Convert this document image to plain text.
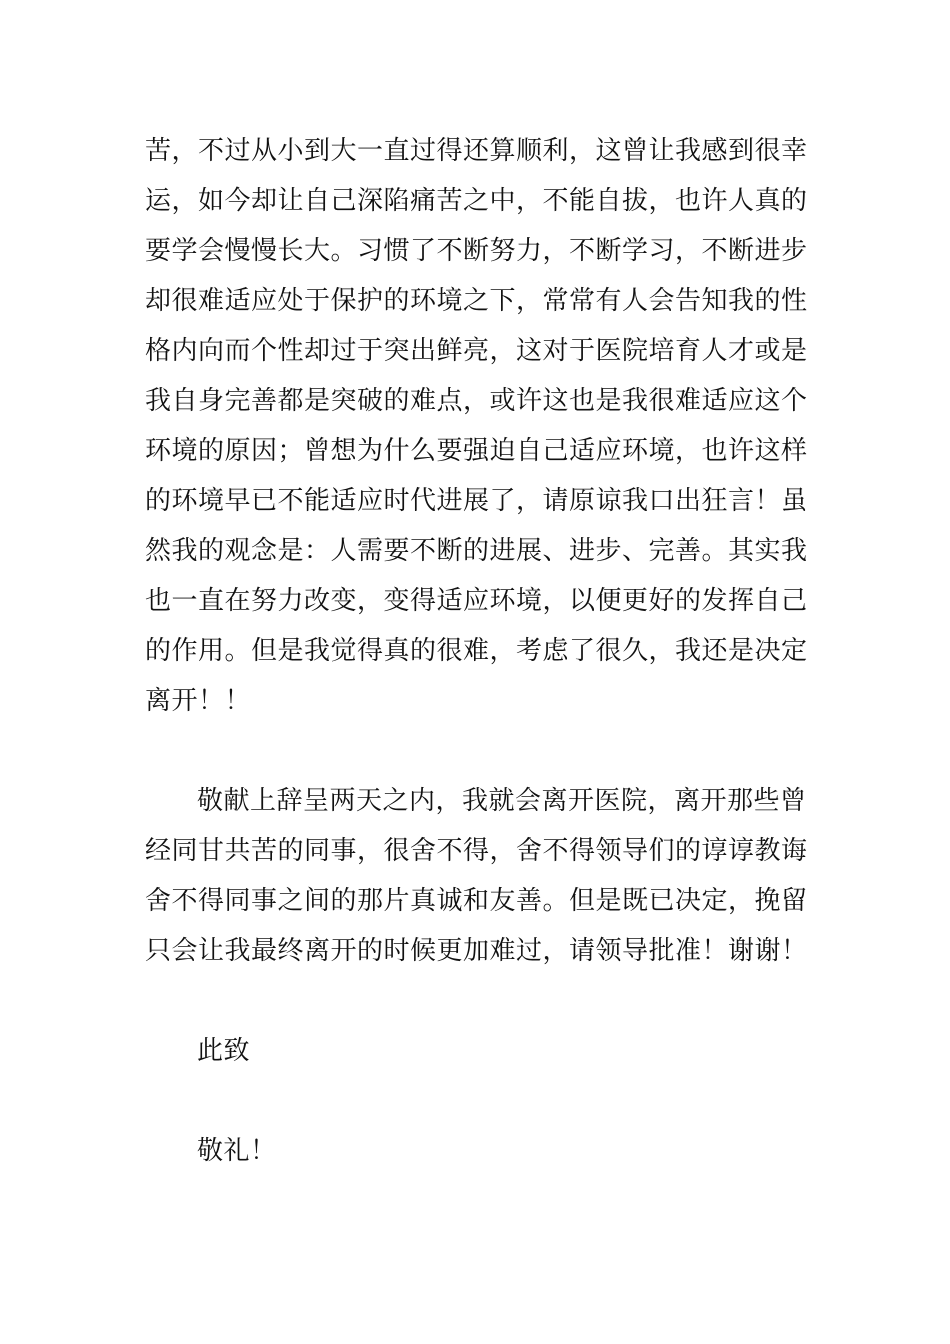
苦，不过从小到大一直过得还算顺利，这曾让我感到很幸
运，如今却让自己深陷痛苦之中，不能自拔，也许人真的
要学会慢慢长大。习惯了不断努力，不断学习，不断进步
却很难适应处于保护的环境之下，常常有人会告知我的性
格内向而个性却过于突出鲜亮，这对于医院培育人才或是
我自身完善都是突破的难点，或许这也是我很难适应这个
环境的原因；曾想为什么要强迫自己适应环境，也许这样
的环境早已不能适应时代进展了，请原谅我口出狂言！虽
然我的观念是：人需要不断的进展、进步、完善。其实我
也一直在努力改变，变得适应环境，以便更好的发挥自己
的作用。但是我觉得真的很难，考虑了很久，我还是决定
离开！！
敬献上辞呈两天之内，我就会离开医院，离开那些曾
经同甘共苦的同事，很舍不得，舍不得领导们的谆谆教诲
舍不得同事之间的那片真诚和友善。但是既已决定，挽留
只会让我最终离开的时候更加难过，请领导批准！谢谢！
此致
敬礼！
